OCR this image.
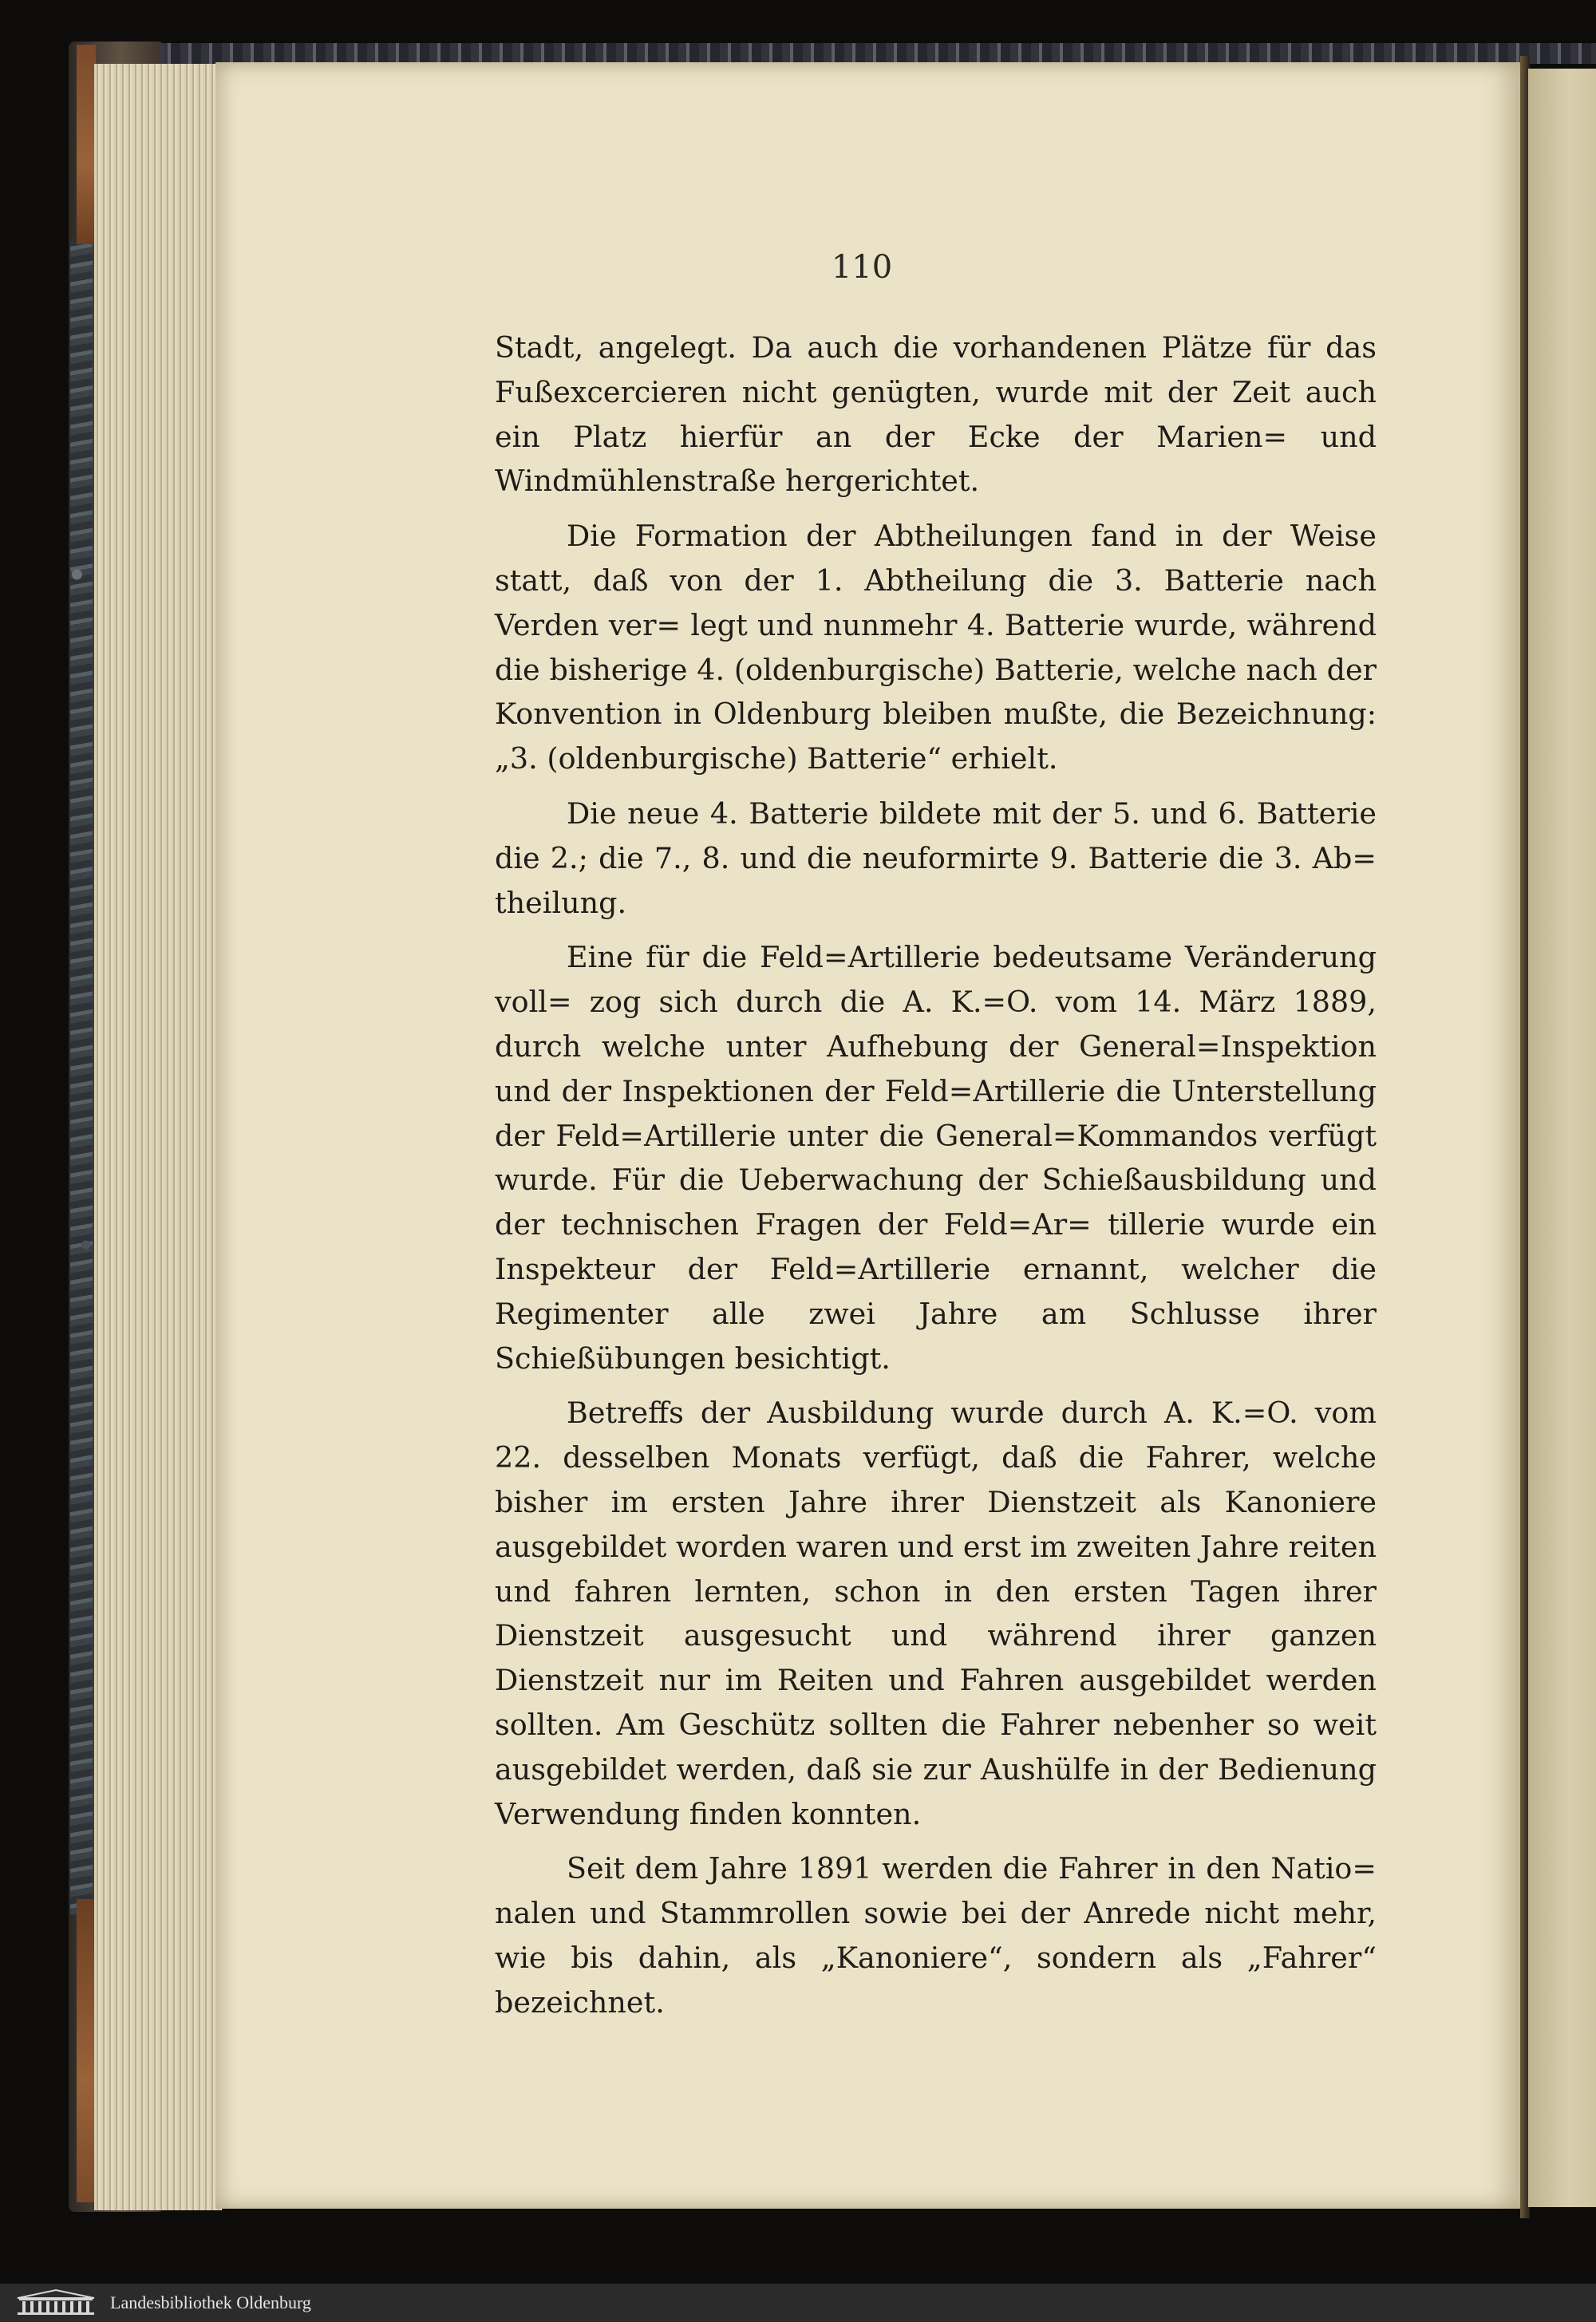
110

Stadt, angelegt. Da auch die vorhandenen Plätze für das Fußexcercieren nicht genügten, wurde mit der Zeit auch ein Platz hierfür an der Ecke der Marien= und Windmühlenstraße hergerichtet.

Die Formation der Abtheilungen fand in der Weise statt, daß von der 1. Abtheilung die 3. Batterie nach Verden ver= legt und nunmehr 4. Batterie wurde, während die bisherige 4. (oldenburgische) Batterie, welche nach der Konvention in Oldenburg bleiben mußte, die Bezeichnung: „3. (oldenburgische) Batterie“ erhielt.

Die neue 4. Batterie bildete mit der 5. und 6. Batterie die 2.; die 7., 8. und die neuformirte 9. Batterie die 3. Ab= theilung.

Eine für die Feld=Artillerie bedeutsame Veränderung voll= zog sich durch die A. K.=O. vom 14. März 1889, durch welche unter Aufhebung der General=Inspektion und der Inspektionen der Feld=Artillerie die Unterstellung der Feld=Artillerie unter die General=Kommandos verfügt wurde. Für die Ueberwachung der Schießausbildung und der technischen Fragen der Feld=Ar= tillerie wurde ein Inspekteur der Feld=Artillerie ernannt, welcher die Regimenter alle zwei Jahre am Schlusse ihrer Schießübungen besichtigt.

Betreffs der Ausbildung wurde durch A. K.=O. vom 22. desselben Monats verfügt, daß die Fahrer, welche bisher im ersten Jahre ihrer Dienstzeit als Kanoniere ausgebildet worden waren und erst im zweiten Jahre reiten und fahren lernten, schon in den ersten Tagen ihrer Dienstzeit ausgesucht und während ihrer ganzen Dienstzeit nur im Reiten und Fahren ausgebildet werden sollten. Am Geschütz sollten die Fahrer nebenher so weit ausgebildet werden, daß sie zur Aushülfe in der Bedienung Verwendung finden konnten.

Seit dem Jahre 1891 werden die Fahrer in den Natio= nalen und Stammrollen sowie bei der Anrede nicht mehr, wie bis dahin, als „Kanoniere“, sondern als „Fahrer“ bezeichnet.

Landesbibliothek Oldenburg
